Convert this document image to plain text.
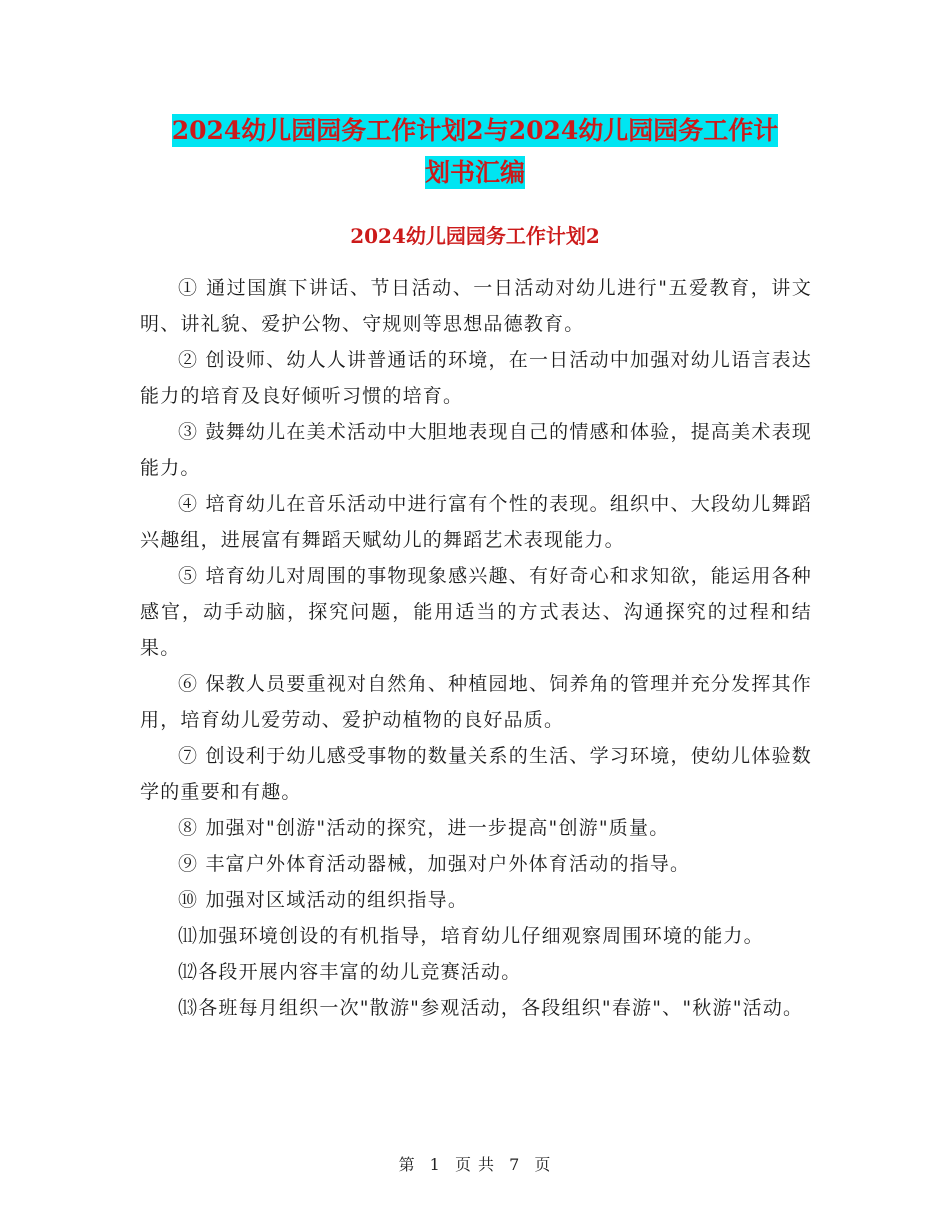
2024幼儿园园务工作计划2与2024幼儿园园务工作计
划书汇编
2024幼儿园园务工作计划2

① 通过国旗下讲话、节日活动、一日活动对幼儿进行"五爱教育，讲文明、讲礼貌、爱护公物、守规则等思想品德教育。

② 创设师、幼人人讲普通话的环境，在一日活动中加强对幼儿语言表达能力的培育及良好倾听习惯的培育。

③ 鼓舞幼儿在美术活动中大胆地表现自己的情感和体验，提高美术表现能力。

④ 培育幼儿在音乐活动中进行富有个性的表现。组织中、大段幼儿舞蹈兴趣组，进展富有舞蹈天赋幼儿的舞蹈艺术表现能力。

⑤ 培育幼儿对周围的事物现象感兴趣、有好奇心和求知欲，能运用各种感官，动手动脑，探究问题，能用适当的方式表达、沟通探究的过程和结果。

⑥ 保教人员要重视对自然角、种植园地、饲养角的管理并充分发挥其作用，培育幼儿爱劳动、爱护动植物的良好品质。

⑦ 创设利于幼儿感受事物的数量关系的生活、学习环境，使幼儿体验数学的重要和有趣。

⑧ 加强对"创游"活动的探究，进一步提高"创游"质量。

⑨ 丰富户外体育活动器械，加强对户外体育活动的指导。

⑩ 加强对区域活动的组织指导。

⑾加强环境创设的有机指导，培育幼儿仔细观察周围环境的能力。

⑿各段开展内容丰富的幼儿竞赛活动。

⒀各班每月组织一次"散游"参观活动，各段组织"春游"、"秋游"活动。

第 1 页 共 7 页
